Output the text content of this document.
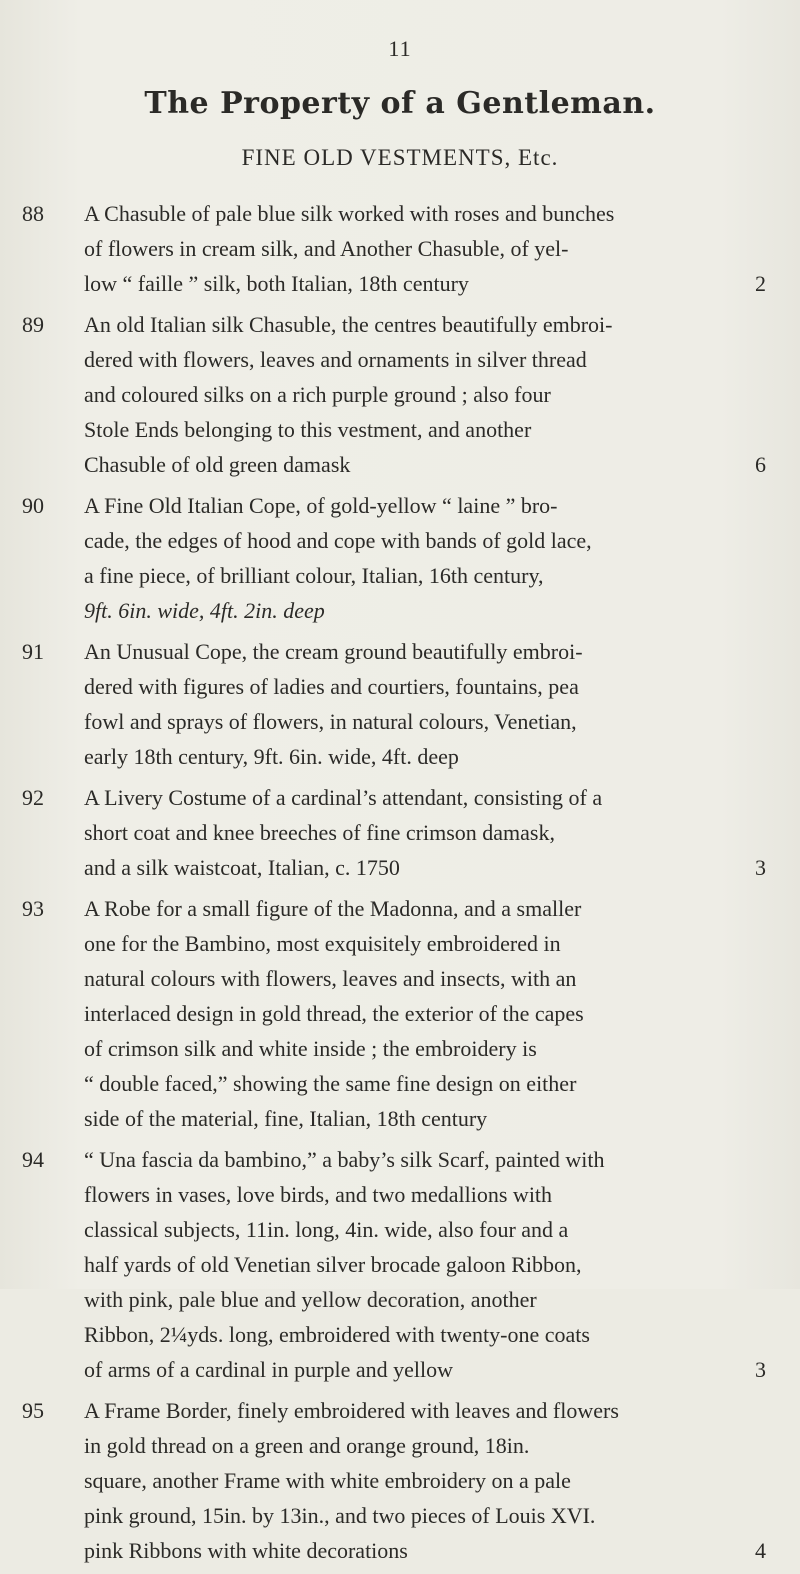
11
The Property of a Gentleman.
FINE OLD VESTMENTS, Etc.
88	A Chasuble of pale blue silk worked with roses and bunches
of flowers in cream silk, and Another Chasuble, of yel-
low “ faille ” silk, both Italian, 18th century	2
89	An old Italian silk Chasuble, the centres beautifully embroi-
dered with flowers, leaves and ornaments in silver thread
and coloured silks on a rich purple ground ; also four
Stole Ends belonging to this vestment, and another
Chasuble of old green damask	6
90	A Fine Old Italian Cope, of gold-yellow “ laine ” bro-
cade, the edges of hood and cope with bands of gold lace,
a fine piece, of brilliant colour, Italian, 16th century,
9ft. 6in. wide, 4ft. 2in. deep
91	An Unusual Cope, the cream ground beautifully embroi-
dered with figures of ladies and courtiers, fountains, pea
fowl and sprays of flowers, in natural colours, Venetian,
early 18th century, 9ft. 6in. wide, 4ft. deep
92	A Livery Costume of a cardinal’s attendant, consisting of a
short coat and knee breeches of fine crimson damask,
and a silk waistcoat, Italian, c. 1750	3
93	A Robe for a small figure of the Madonna, and a smaller
one for the Bambino, most exquisitely embroidered in
natural colours with flowers, leaves and insects, with an
interlaced design in gold thread, the exterior of the capes
of crimson silk and white inside ; the embroidery is
“ double faced,” showing the same fine design on either
side of the material, fine, Italian, 18th century
94	“ Una fascia da bambino,” a baby’s silk Scarf, painted with
flowers in vases, love birds, and two medallions with
classical subjects, 11in. long, 4in. wide, also four and a
half yards of old Venetian silver brocade galoon Ribbon,
with pink, pale blue and yellow decoration, another
Ribbon, 2¼yds. long, embroidered with twenty-one coats
of arms of a cardinal in purple and yellow	3
95	A Frame Border, finely embroidered with leaves and flowers
in gold thread on a green and orange ground, 18in.
square, another Frame with white embroidery on a pale
pink ground, 15in. by 13in., and two pieces of Louis XVI.
pink Ribbons with white decorations	4
